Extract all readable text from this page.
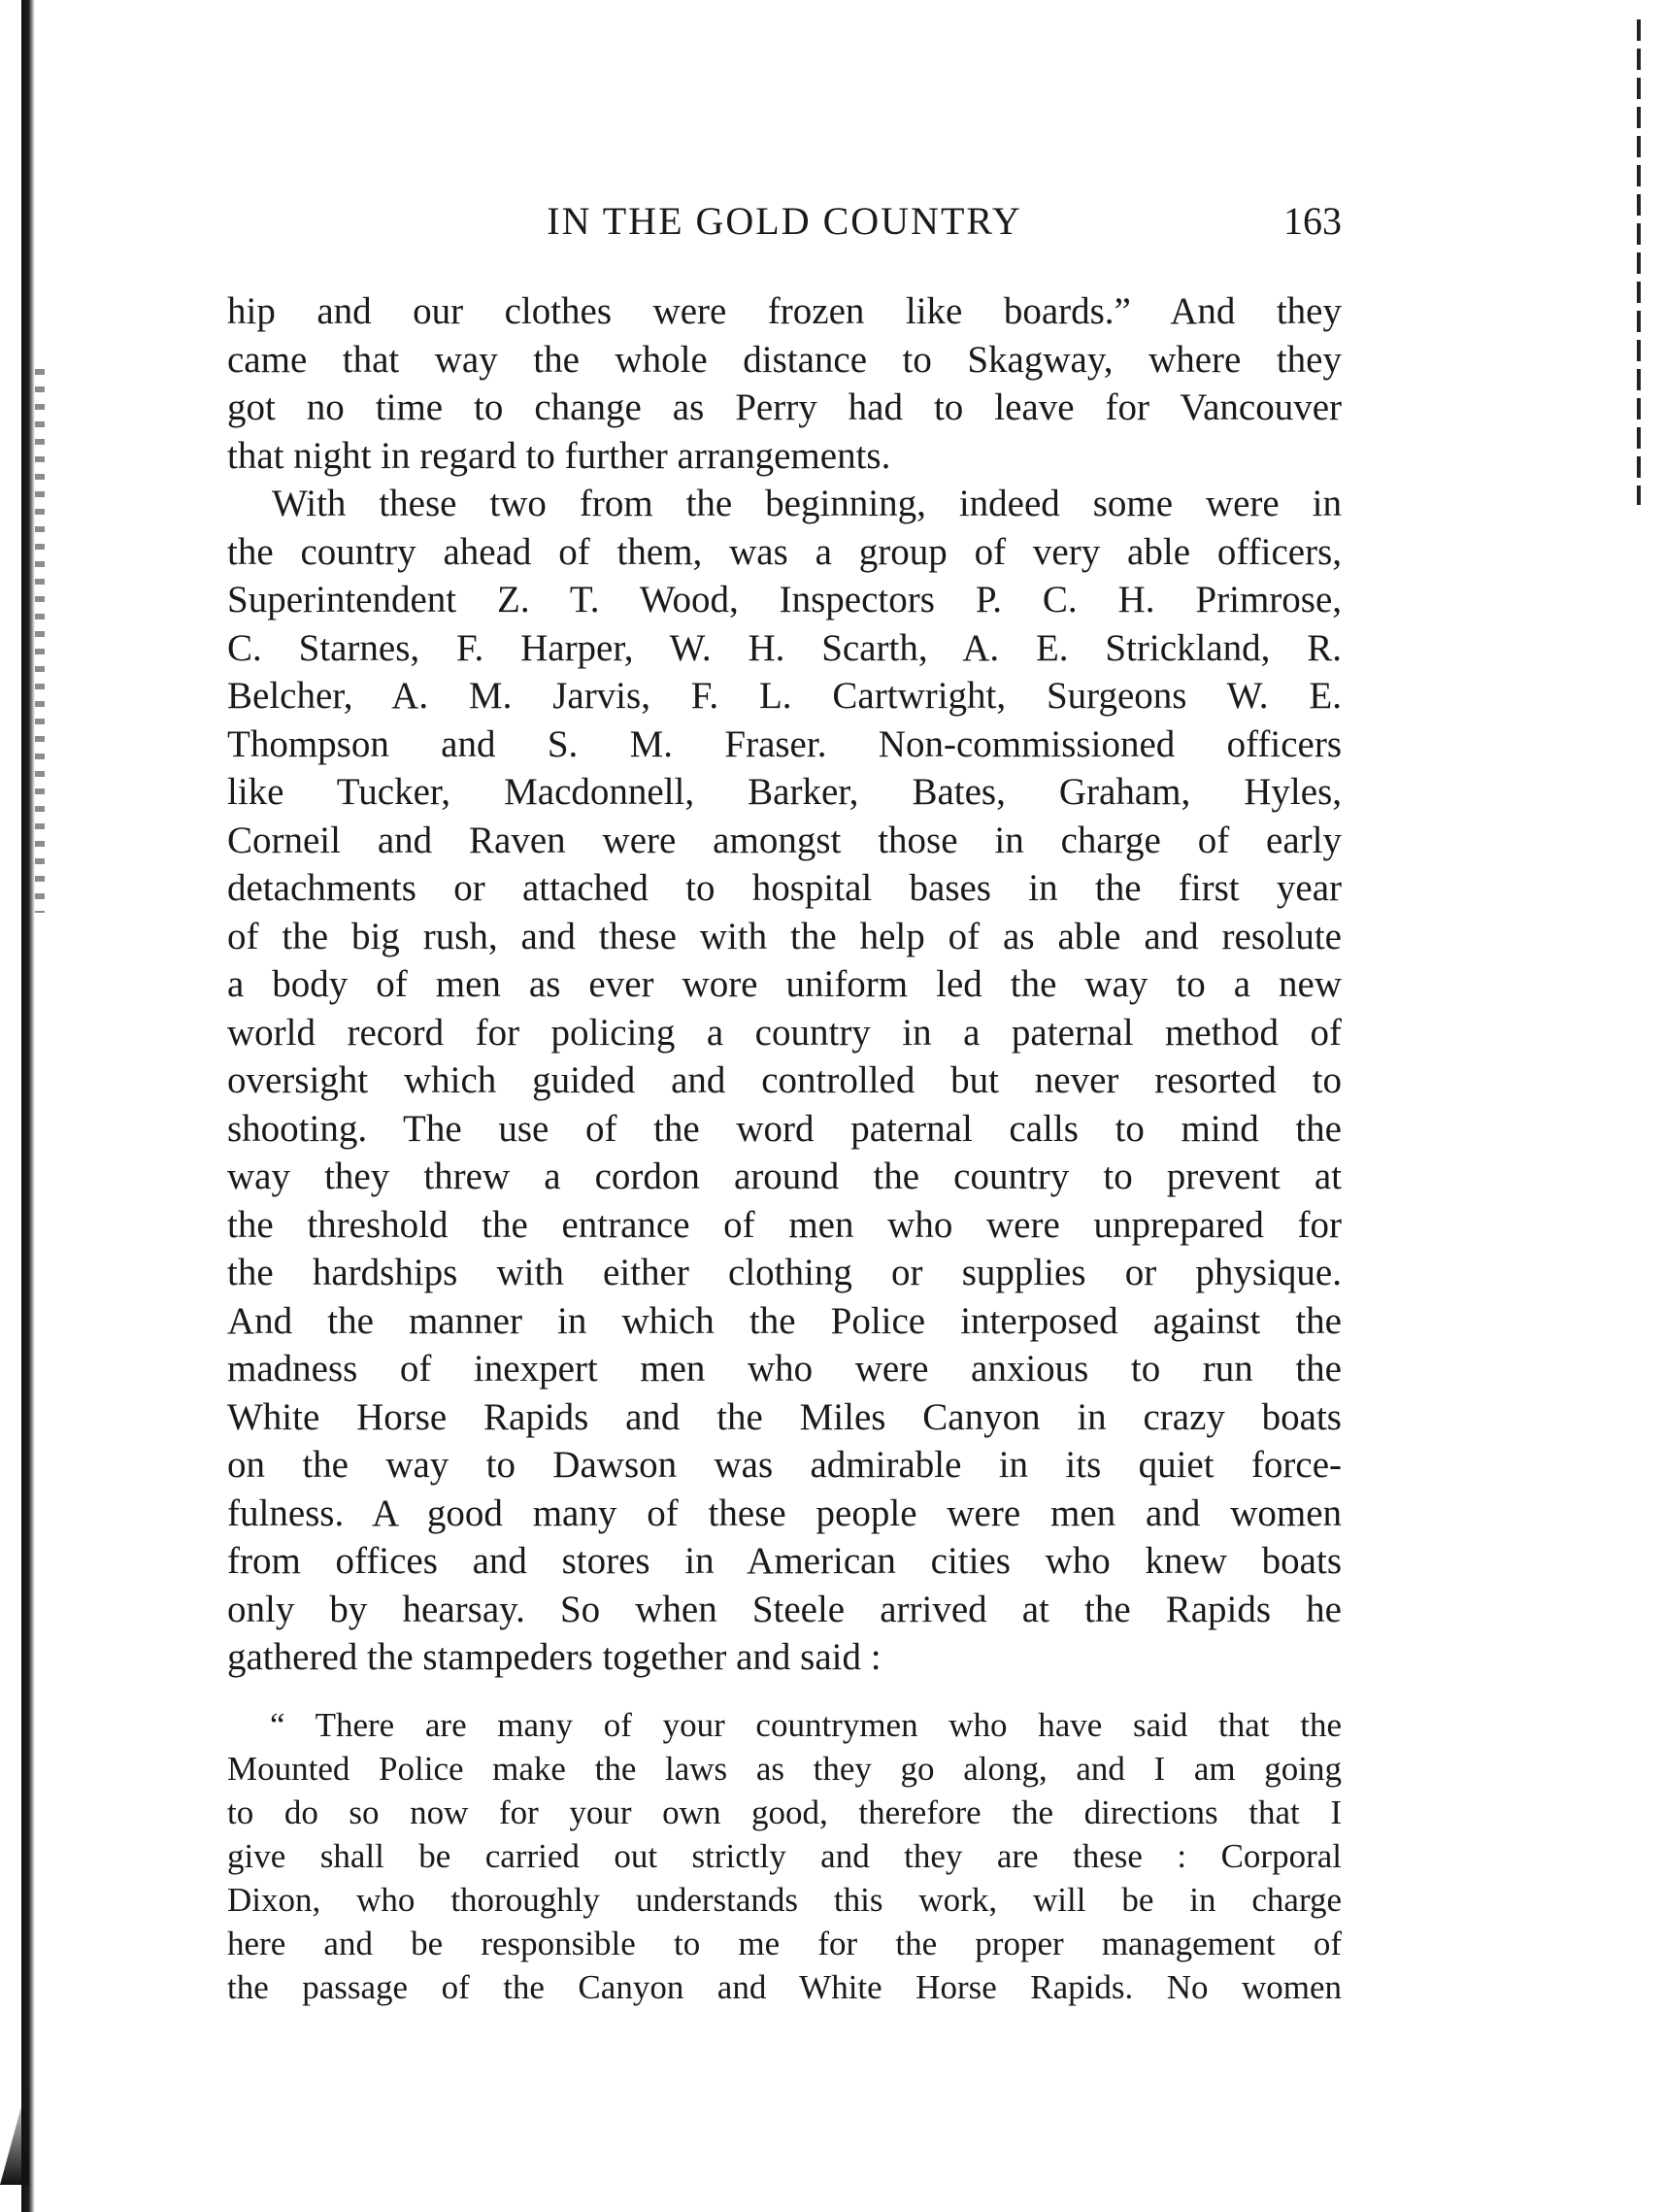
IN THE GOLD COUNTRY	163
hip and our clothes were frozen like boards.” And they
came that way the whole distance to Skagway, where they
got no time to change as Perry had to leave for Vancouver
that night in regard to further arrangements.
With these two from the beginning, indeed some were in
the country ahead of them, was a group of very able officers,
Superintendent Z. T. Wood, Inspectors P. C. H. Primrose,
C. Starnes, F. Harper, W. H. Scarth, A. E. Strickland, R.
Belcher, A. M. Jarvis, F. L. Cartwright, Surgeons W. E.
Thompson and S. M. Fraser. Non-commissioned officers
like Tucker, Macdonnell, Barker, Bates, Graham, Hyles,
Corneil and Raven were amongst those in charge of early
detachments or attached to hospital bases in the first year
of the big rush, and these with the help of as able and resolute
a body of men as ever wore uniform led the way to a new
world record for policing a country in a paternal method of
oversight which guided and controlled but never resorted to
shooting. The use of the word paternal calls to mind the
way they threw a cordon around the country to prevent at
the threshold the entrance of men who were unprepared for
the hardships with either clothing or supplies or physique.
And the manner in which the Police interposed against the
madness of inexpert men who were anxious to run the
White Horse Rapids and the Miles Canyon in crazy boats
on the way to Dawson was admirable in its quiet force-
fulness. A good many of these people were men and women
from offices and stores in American cities who knew boats
only by hearsay. So when Steele arrived at the Rapids he
gathered the stampeders together and said :
“ There are many of your countrymen who have said that the
Mounted Police make the laws as they go along, and I am going
to do so now for your own good, therefore the directions that I
give shall be carried out strictly and they are these : Corporal
Dixon, who thoroughly understands this work, will be in charge
here and be responsible to me for the proper management of
the passage of the Canyon and White Horse Rapids. No women
